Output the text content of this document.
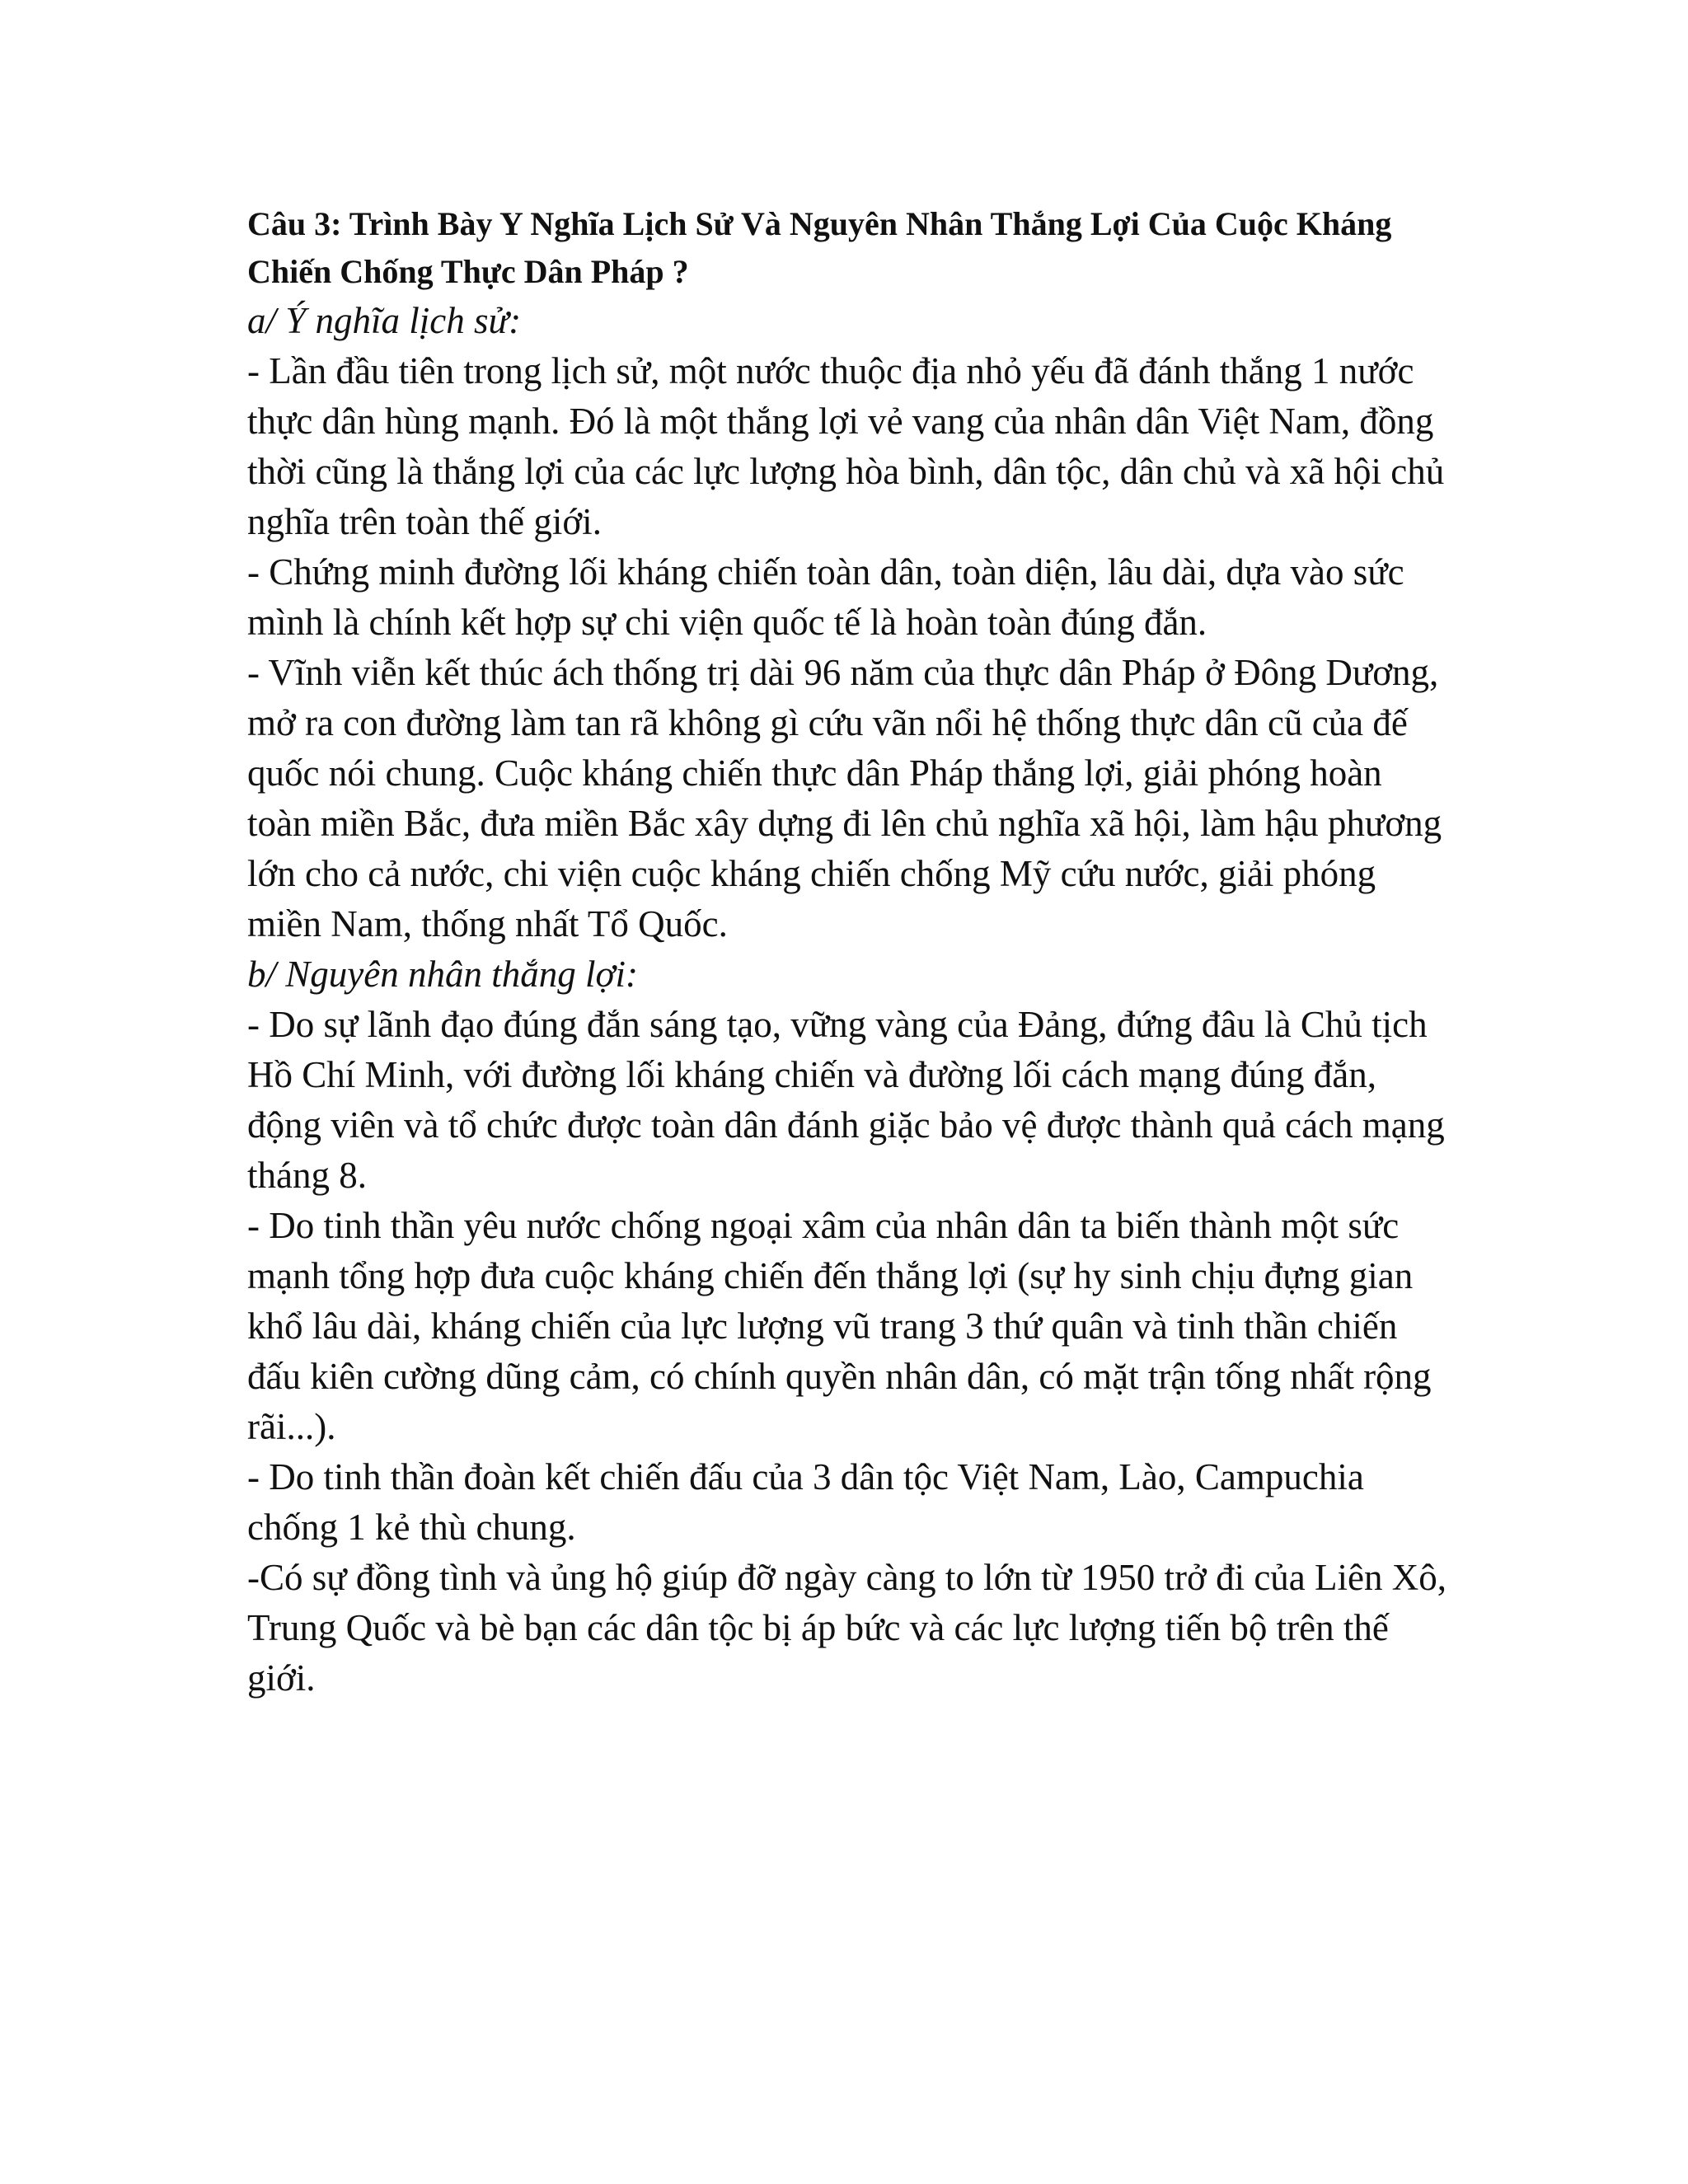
Câu 3: Trình Bày Y Nghĩa Lịch Sử Và Nguyên Nhân Thắng Lợi Của Cuộc Kháng Chiến Chống Thực Dân Pháp ?

a/ Ý nghĩa lịch sử:

- Lần đầu tiên trong lịch sử, một nước thuộc địa nhỏ yếu đã đánh thắng 1 nước thực dân hùng mạnh. Đó là một thắng lợi vẻ vang của nhân dân Việt Nam, đồng thời cũng là thắng lợi của các lực lượng hòa bình, dân tộc, dân chủ và xã hội chủ nghĩa trên toàn thế giới.

- Chứng minh đường lối kháng chiến toàn dân, toàn diện, lâu dài, dựa vào sức mình là chính kết hợp sự chi viện quốc tế là hoàn toàn đúng đắn.

- Vĩnh viễn kết thúc ách thống trị dài 96 năm của thực dân Pháp ở Đông Dương, mở ra con đường làm tan rã không gì cứu vãn nổi hệ thống thực dân cũ của đế quốc nói chung. Cuộc kháng chiến thực dân Pháp thắng lợi, giải phóng hoàn toàn miền Bắc, đưa miền Bắc xây dựng đi lên chủ nghĩa xã hội, làm hậu phương lớn cho cả nước, chi viện cuộc kháng chiến chống Mỹ cứu nước, giải phóng miền Nam, thống nhất Tổ Quốc.

b/ Nguyên nhân thắng lợi:

- Do sự lãnh đạo đúng đắn sáng tạo, vững vàng của Đảng, đứng đâu là Chủ tịch Hồ Chí Minh, với đường lối kháng chiến và đường lối cách mạng đúng đắn, động viên và tổ chức được toàn dân đánh giặc bảo vệ được thành quả cách mạng tháng 8.

- Do tinh thần yêu nước chống ngoại xâm của nhân dân ta biến thành một sức mạnh tổng hợp đưa cuộc kháng chiến đến thắng lợi (sự hy sinh chịu đựng gian khổ lâu dài, kháng chiến của lực lượng vũ trang 3 thứ quân và tinh thần chiến đấu kiên cường dũng cảm, có chính quyền nhân dân, có mặt trận tống nhất rộng rãi...).

- Do tinh thần đoàn kết chiến đấu của 3 dân tộc Việt Nam, Lào, Campuchia chống 1 kẻ thù chung.

-Có sự đồng tình và ủng hộ giúp đỡ ngày càng to lớn từ 1950 trở đi của Liên Xô, Trung Quốc và bè bạn các dân tộc bị áp bức và các lực lượng tiến bộ trên thế giới.
